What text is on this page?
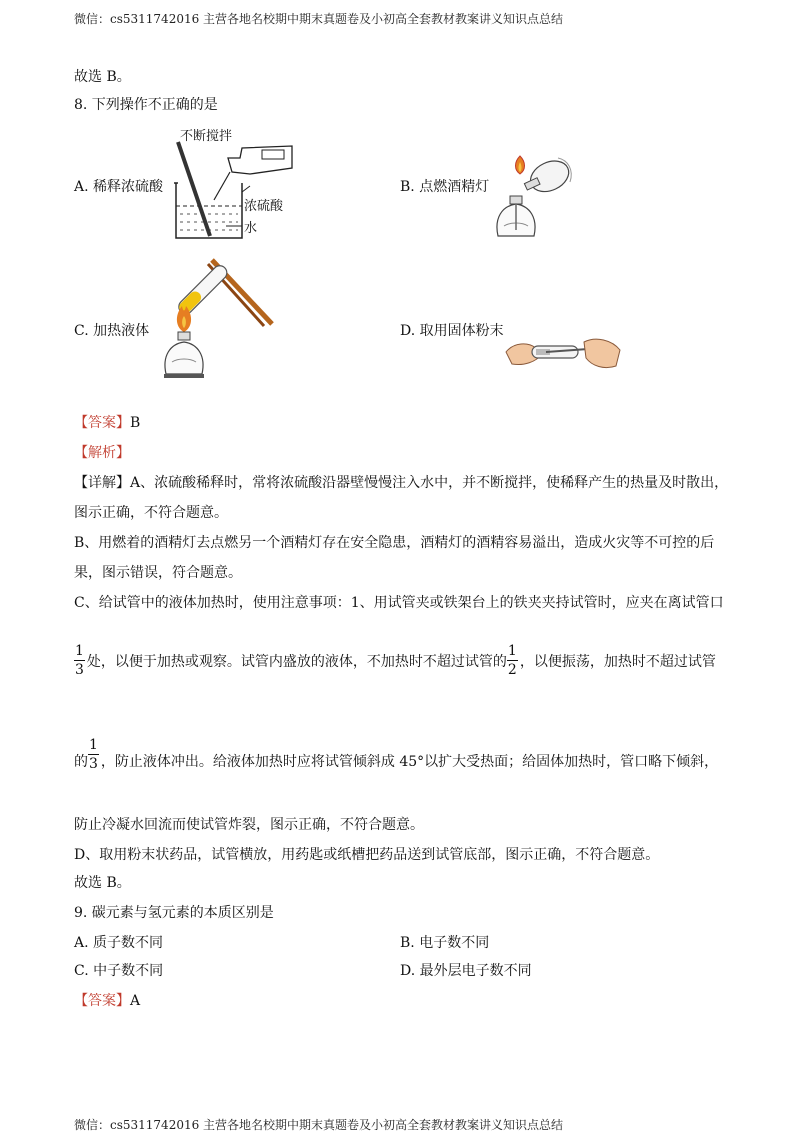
微信：cs5311742016 主营各地名校期中期末真题卷及小初高全套教材教案讲义知识点总结
故选 B。
8. 下列操作不正确的是
不断搅拌
浓硫酸
水
A. 稀释浓硫酸	B. 点燃酒精灯
C. 加热液体	D. 取用固体粉末
【答案】B
【解析】
【详解】A、浓硫酸稀释时，常将浓硫酸沿器壁慢慢注入水中，并不断搅拌，使稀释产生的热量及时散出，
图示正确，不符合题意。
B、用燃着的酒精灯去点燃另一个酒精灯存在安全隐患，酒精灯的酒精容易溢出，造成火灾等不可控的后
果，图示错误，符合题意。
C、给试管中的液体加热时，使用注意事项：1、用试管夹或铁架台上的铁夹夹持试管时，应夹在离试管口
$\frac{1}{3}$ 处，以便于加热或观察。试管内盛放的液体，不加热时不超过试管的 $\frac{1}{2}$ ，以便振荡，加热时不超过试管
的 $\frac{1}{3}$ ，防止液体冲出。给液体加热时应将试管倾斜成 45°以扩大受热面；给固体加热时，管口略下倾斜，
防止冷凝水回流而使试管炸裂，图示正确，不符合题意。
D、取用粉末状药品，试管横放，用药匙或纸槽把药品送到试管底部，图示正确，不符合题意。
故选 B。
9. 碳元素与氢元素的本质区别是
A. 质子数不同	B. 电子数不同
C. 中子数不同	D. 最外层电子数不同
【答案】A
微信：cs5311742016 主营各地名校期中期末真题卷及小初高全套教材教案讲义知识点总结
